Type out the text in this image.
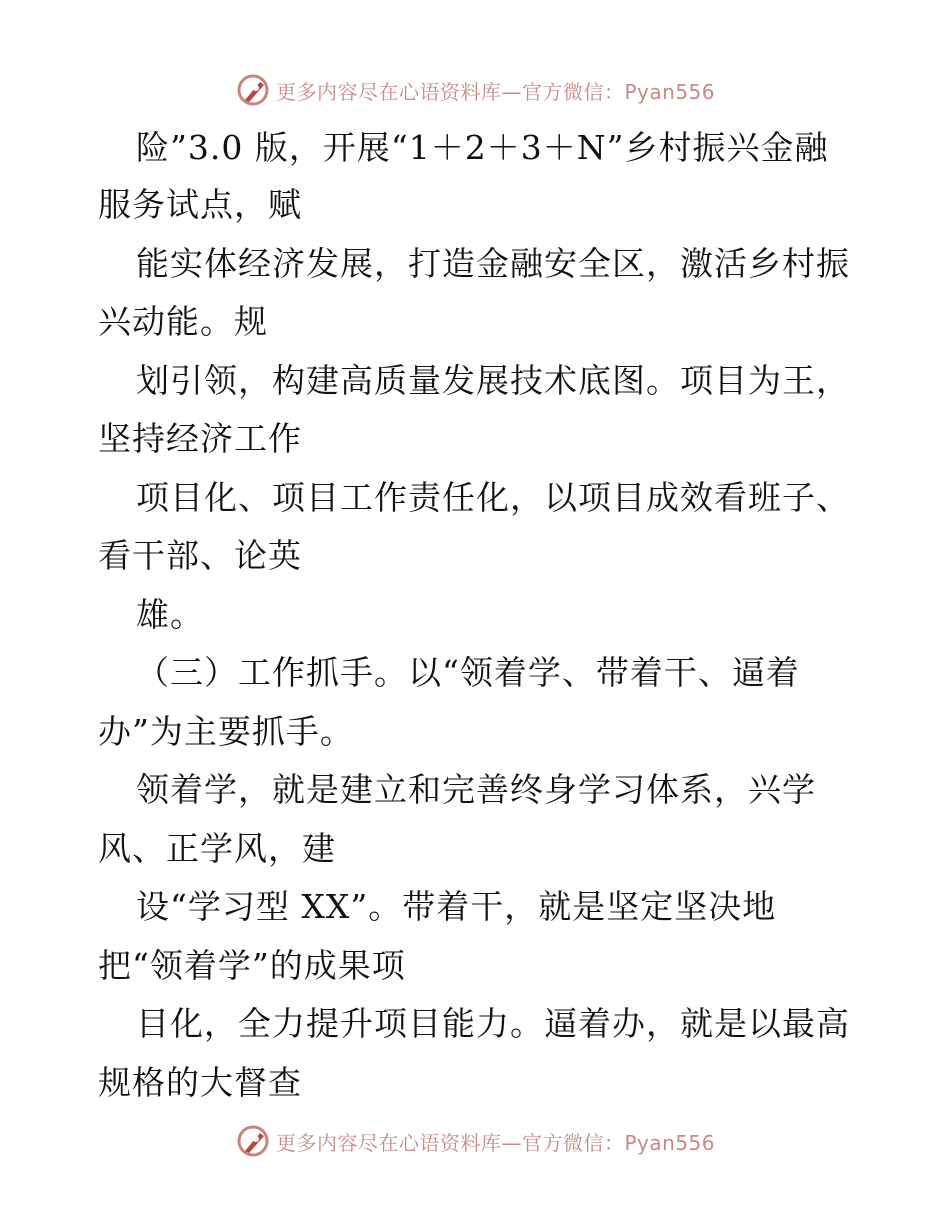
更多内容尽在心语资料库—官方微信：Pyan556
险”3.0 版，开展“1＋2＋3＋N”乡村振兴金融
服务试点，赋
能实体经济发展，打造金融安全区，激活乡村振
兴动能。规
划引领，构建高质量发展技术底图。项目为王，
坚持经济工作
项目化、项目工作责任化，以项目成效看班子、
看干部、论英
雄。
（三）工作抓手。以“领着学、带着干、逼着
办”为主要抓手。
领着学，就是建立和完善终身学习体系，兴学
风、正学风，建
设“学习型 XX”。带着干，就是坚定坚决地
把“领着学”的成果项
目化，全力提升项目能力。逼着办，就是以最高
规格的大督查
更多内容尽在心语资料库—官方微信：Pyan556
